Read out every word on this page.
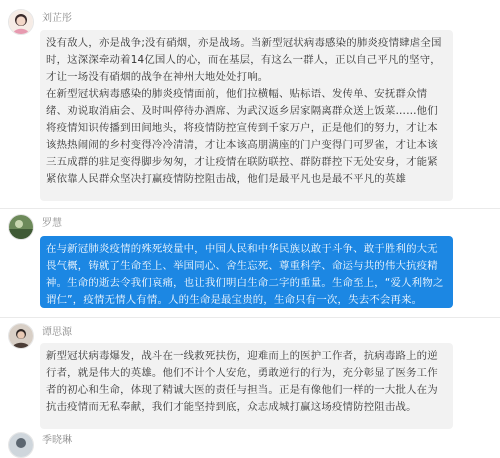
刘芷彤

没有敌人，亦是战争;没有硝烟，亦是战场。当新型冠状病毒感染的肺炎疫情肆虐全国时，这深深牵动着14亿国人的心，而在基层，有这么一群人，正以自己平凡的坚守，才让一场没有硝烟的战争在神州大地处处打响。

在新型冠状病毒感染的肺炎疫情面前，他们拉横幅、贴标语、发传单、安抚群众情绪、劝说取消庙会、及时叫停待办酒席、为武汉返乡居家隔离群众送上饭菜……他们将疫情知识传播到田间地头，将疫情防控宣传到千家万户，正是他们的努力，才让本该热热闹闹的乡村变得冷冷清清，才让本该高朋满座的门户变得门可罗雀，才让本该三五成群的驻足变得脚步匆匆，才让疫情在联防联控、群防群控下无处安身，才能紧紧依靠人民群众坚决打赢疫情防控阻击战，他们是最平凡也是最不平凡的英雄

罗慧

在与新冠肺炎疫情的殊死较量中，中国人民和中华民族以敢于斗争、敢于胜利的大无畏气概，铸就了生命至上、举国同心、舍生忘死、尊重科学、命运与共的伟大抗疫精神。生命的逝去令我们哀痛，也让我们明白生命二字的重量。生命至上，“爱人利物之谓仁”，疫情无情人有情。人的生命是最宝贵的，生命只有一次，失去不会再来。

谭思源

新型冠状病毒爆发，战斗在一线救死扶伤，迎难而上的医护工作者，抗病毒路上的逆行者，就是伟大的英雄。他们不计个人安危，勇敢逆行的行为，充分彰显了医务工作者的初心和生命，体现了精诚大医的责任与担当。正是有像他们一样的一大批人在为抗击疫情而无私奉献，我们才能坚持到底，众志成城打赢这场疫情防控阻击战。

季晓琳
